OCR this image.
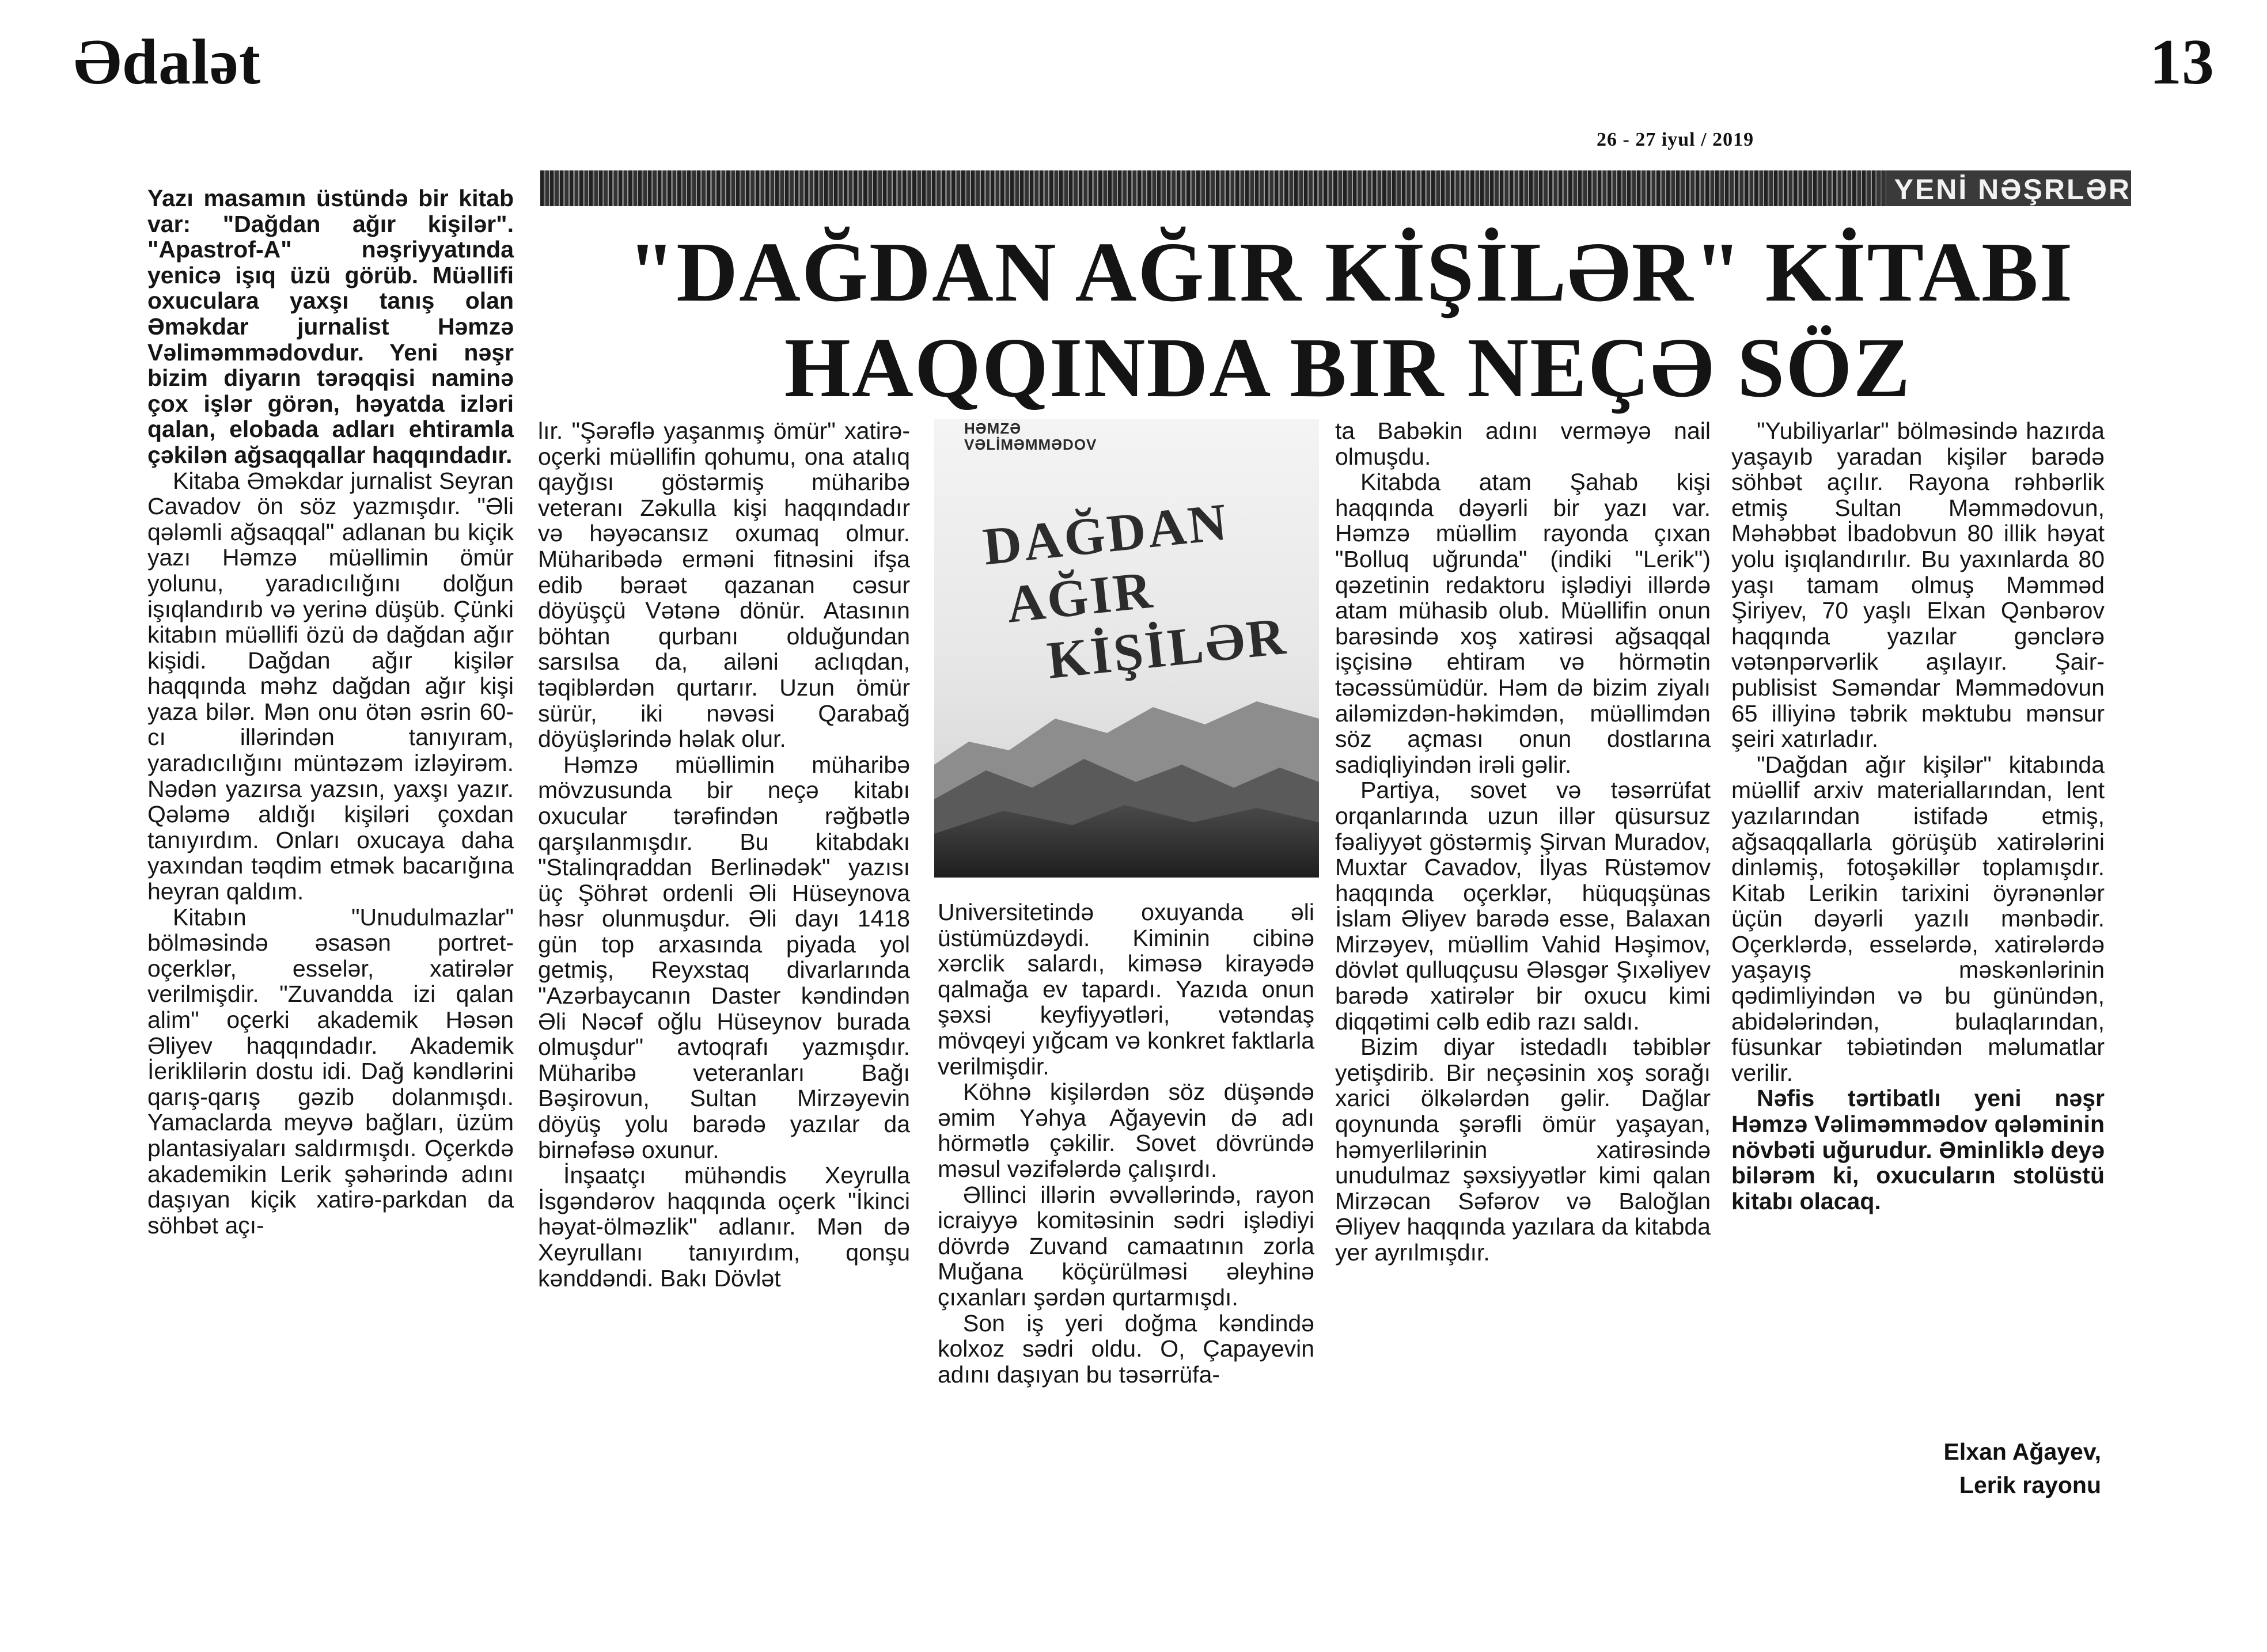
Ədalət	13
26 - 27 iyul / 2019
YENİ NƏŞRLƏR
"DAĞDAN AĞIR KİŞİLƏR" KİTABI
HAQQINDA BIR NEÇƏ SÖZ

Yazı masamın üstündə bir kitab var: "Dağdan ağır kişilər". "Apastrof-A" nəşriyyatında yenicə işıq üzü görüb. Müəllifi oxuculara yaxşı tanış olan Əməkdar jurnalist Həmzə Vəliməmmədovdur. Yeni nəşr bizim diyarın tərəqqisi naminə çox işlər görən, həyatda izləri qalan, elobada adları ehtiramla çəkilən ağsaqqallar haqqındadır.

Kitaba Əməkdar jurnalist Seyran Cavadov ön söz yazmışdır. "Əli qələmli ağsaqqal" adlanan bu kiçik yazı Həmzə müəllimin ömür yolunu, yaradıcılığını dolğun işıqlandırıb və yerinə düşüb. Çünki kitabın müəllifi özü də dağdan ağır kişidi. Dağdan ağır kişilər haqqında məhz dağdan ağır kişi yaza bilər. Mən onu ötən əsrin 60-cı illərindən tanıyıram, yaradıcılığını müntəzəm izləyirəm. Nədən yazırsa yazsın, yaxşı yazır. Qələmə aldığı kişiləri çoxdan tanıyırdım. Onları oxucaya daha yaxından təqdim etmək bacarığına heyran qaldım.

Kitabın "Unudulmazlar" bölməsində əsasən portret-oçerklər, esselər, xatirələr verilmişdir. "Zuvandda izi qalan alim" oçerki akademik Həsən Əliyev haqqındadır. Akademik İeriklilərin dostu idi. Dağ kəndlərini qarış-qarış gəzib dolanmışdı. Yamaclarda meyvə bağları, üzüm plantasiyaları saldırmışdı. Oçerkdə akademikin Lerik şəhərində adını daşıyan kiçik xatirə-parkdan da söhbət açı-

lır. "Şərəflə yaşanmış ömür" xatirə-oçerki müəllifin qohumu, ona atalıq qayğısı göstərmiş müharibə veteranı Zəkulla kişi haqqındadır və həyəcansız oxumaq olmur. Müharibədə erməni fitnəsini ifşa edib bəraət qazanan cəsur döyüşçü Vətənə dönür. Atasının böhtan qurbanı olduğundan sarsılsa da, ailəni aclıqdan, təqiblərdən qurtarır. Uzun ömür sürür, iki nəvəsi Qarabağ döyüşlərində həlak olur.

Həmzə müəllimin müharibə mövzusunda bir neçə kitabı oxucular tərəfindən rəğbətlə qarşılanmışdır. Bu kitabdakı "Stalinqraddan Berlinədək" yazısı üç Şöhrət ordenli Əli Hüseynova həsr olunmuşdur. Əli dayı 1418 gün top arxasında piyada yol getmiş, Reyxstaq divarlarında "Azərbaycanın Daster kəndindən Əli Nəcəf oğlu Hüseynov burada olmuşdur" avtoqrafı yazmışdır. Müharibə veteranları Bağı Bəşirovun, Sultan Mirzəyevin döyüş yolu barədə yazılar da birnəfəsə oxunur.

İnşaatçı mühəndis Xeyrulla İsgəndərov haqqında oçerk "İkinci həyat-ölməzlik" adlanır. Mən də Xeyrullanı tanıyırdım, qonşu kənddəndi. Bakı Dövlət

HƏMZƏ
VƏLİMƏMMƏDOV
DAĞDAN
AĞIR
KİŞİLƏR

Universitetində oxuyanda əli üstümüzdəydi. Kiminin cibinə xərclik salardı, kiməsə kirayədə qalmağa ev tapardı. Yazıda onun şəxsi keyfiyyətləri, vətəndaş mövqeyi yığcam və konkret faktlarla verilmişdir.

Köhnə kişilərdən söz düşəndə əmim Yəhya Ağayevin də adı hörmətlə çəkilir. Sovet dövründə məsul vəzifələrdə çalışırdı.

Əllinci illərin əvvəllərində, rayon icraiyyə komitəsinin sədri işlədiyi dövrdə Zuvand camaatının zorla Muğana köçürülməsi əleyhinə çıxanları şərdən qurtarmışdı.

Son iş yeri doğma kəndində kolxoz sədri oldu. O, Çapayevin adını daşıyan bu təsərrüfa-

ta Babəkin adını verməyə nail olmuşdu.

Kitabda atam Şahab kişi haqqında dəyərli bir yazı var. Həmzə müəllim rayonda çıxan "Bolluq uğrunda" (indiki "Lerik") qəzetinin redaktoru işlədiyi illərdə atam mühasib olub. Müəllifin onun barəsində xoş xatirəsi ağsaqqal işçisinə ehtiram və hörmətin təcəssümüdür. Həm də bizim ziyalı ailəmizdən-həkimdən, müəllimdən söz açması onun dostlarına sadiqliyindən irəli gəlir.

Partiya, sovet və təsərrüfat orqanlarında uzun illər qüsursuz fəaliyyət göstərmiş Şirvan Muradov, Muxtar Cavadov, İlyas Rüstəmov haqqında oçerklər, hüquqşünas İslam Əliyev barədə esse, Balaxan Mirzəyev, müəllim Vahid Həşimov, dövlət qulluqçusu Ələsgər Şıxəliyev barədə xatirələr bir oxucu kimi diqqətimi cəlb edib razı saldı.

Bizim diyar istedadlı təbiblər yetişdirib. Bir neçəsinin xoş sorağı xarici ölkələrdən gəlir. Dağlar qoynunda şərəfli ömür yaşayan, həmyerlilərinin xatirəsində unudulmaz şəxsiyyətlər kimi qalan Mirzəcan Səfərov və Baloğlan Əliyev haqqında yazılara da kitabda yer ayrılmışdır.

"Yubiliyarlar" bölməsində hazırda yaşayıb yaradan kişilər barədə söhbət açılır. Rayona rəhbərlik etmiş Sultan Məmmədovun, Məhəbbət İbadobvun 80 illik həyat yolu işıqlandırılır. Bu yaxınlarda 80 yaşı tamam olmuş Məmməd Şiriyev, 70 yaşlı Elxan Qənbərov haqqında yazılar gənclərə vətənpərvərlik aşılayır. Şair-publisist Səməndar Məmmədovun 65 illiyinə təbrik məktubu mənsur şeiri xatırladır.

"Dağdan ağır kişilər" kitabında müəllif arxiv materiallarından, lent yazılarından istifadə etmiş, ağsaqqallarla görüşüb xatirələrini dinləmiş, fotoşəkillər toplamışdır. Kitab Lerikin tarixini öyrənənlər üçün dəyərli yazılı mənbədir. Oçerklərdə, esselərdə, xatirələrdə yaşayış məskənlərinin qədimliyindən və bu günündən, abidələrindən, bulaqlarından, füsunkar təbiətindən məlumatlar verilir.

Nəfis tərtibatlı yeni nəşr Həmzə Vəliməmmədov qələminin növbəti uğurudur. Əminliklə deyə bilərəm ki, oxucuların stolüstü kitabı olacaq.

Elxan Ağayev,
Lerik rayonu
